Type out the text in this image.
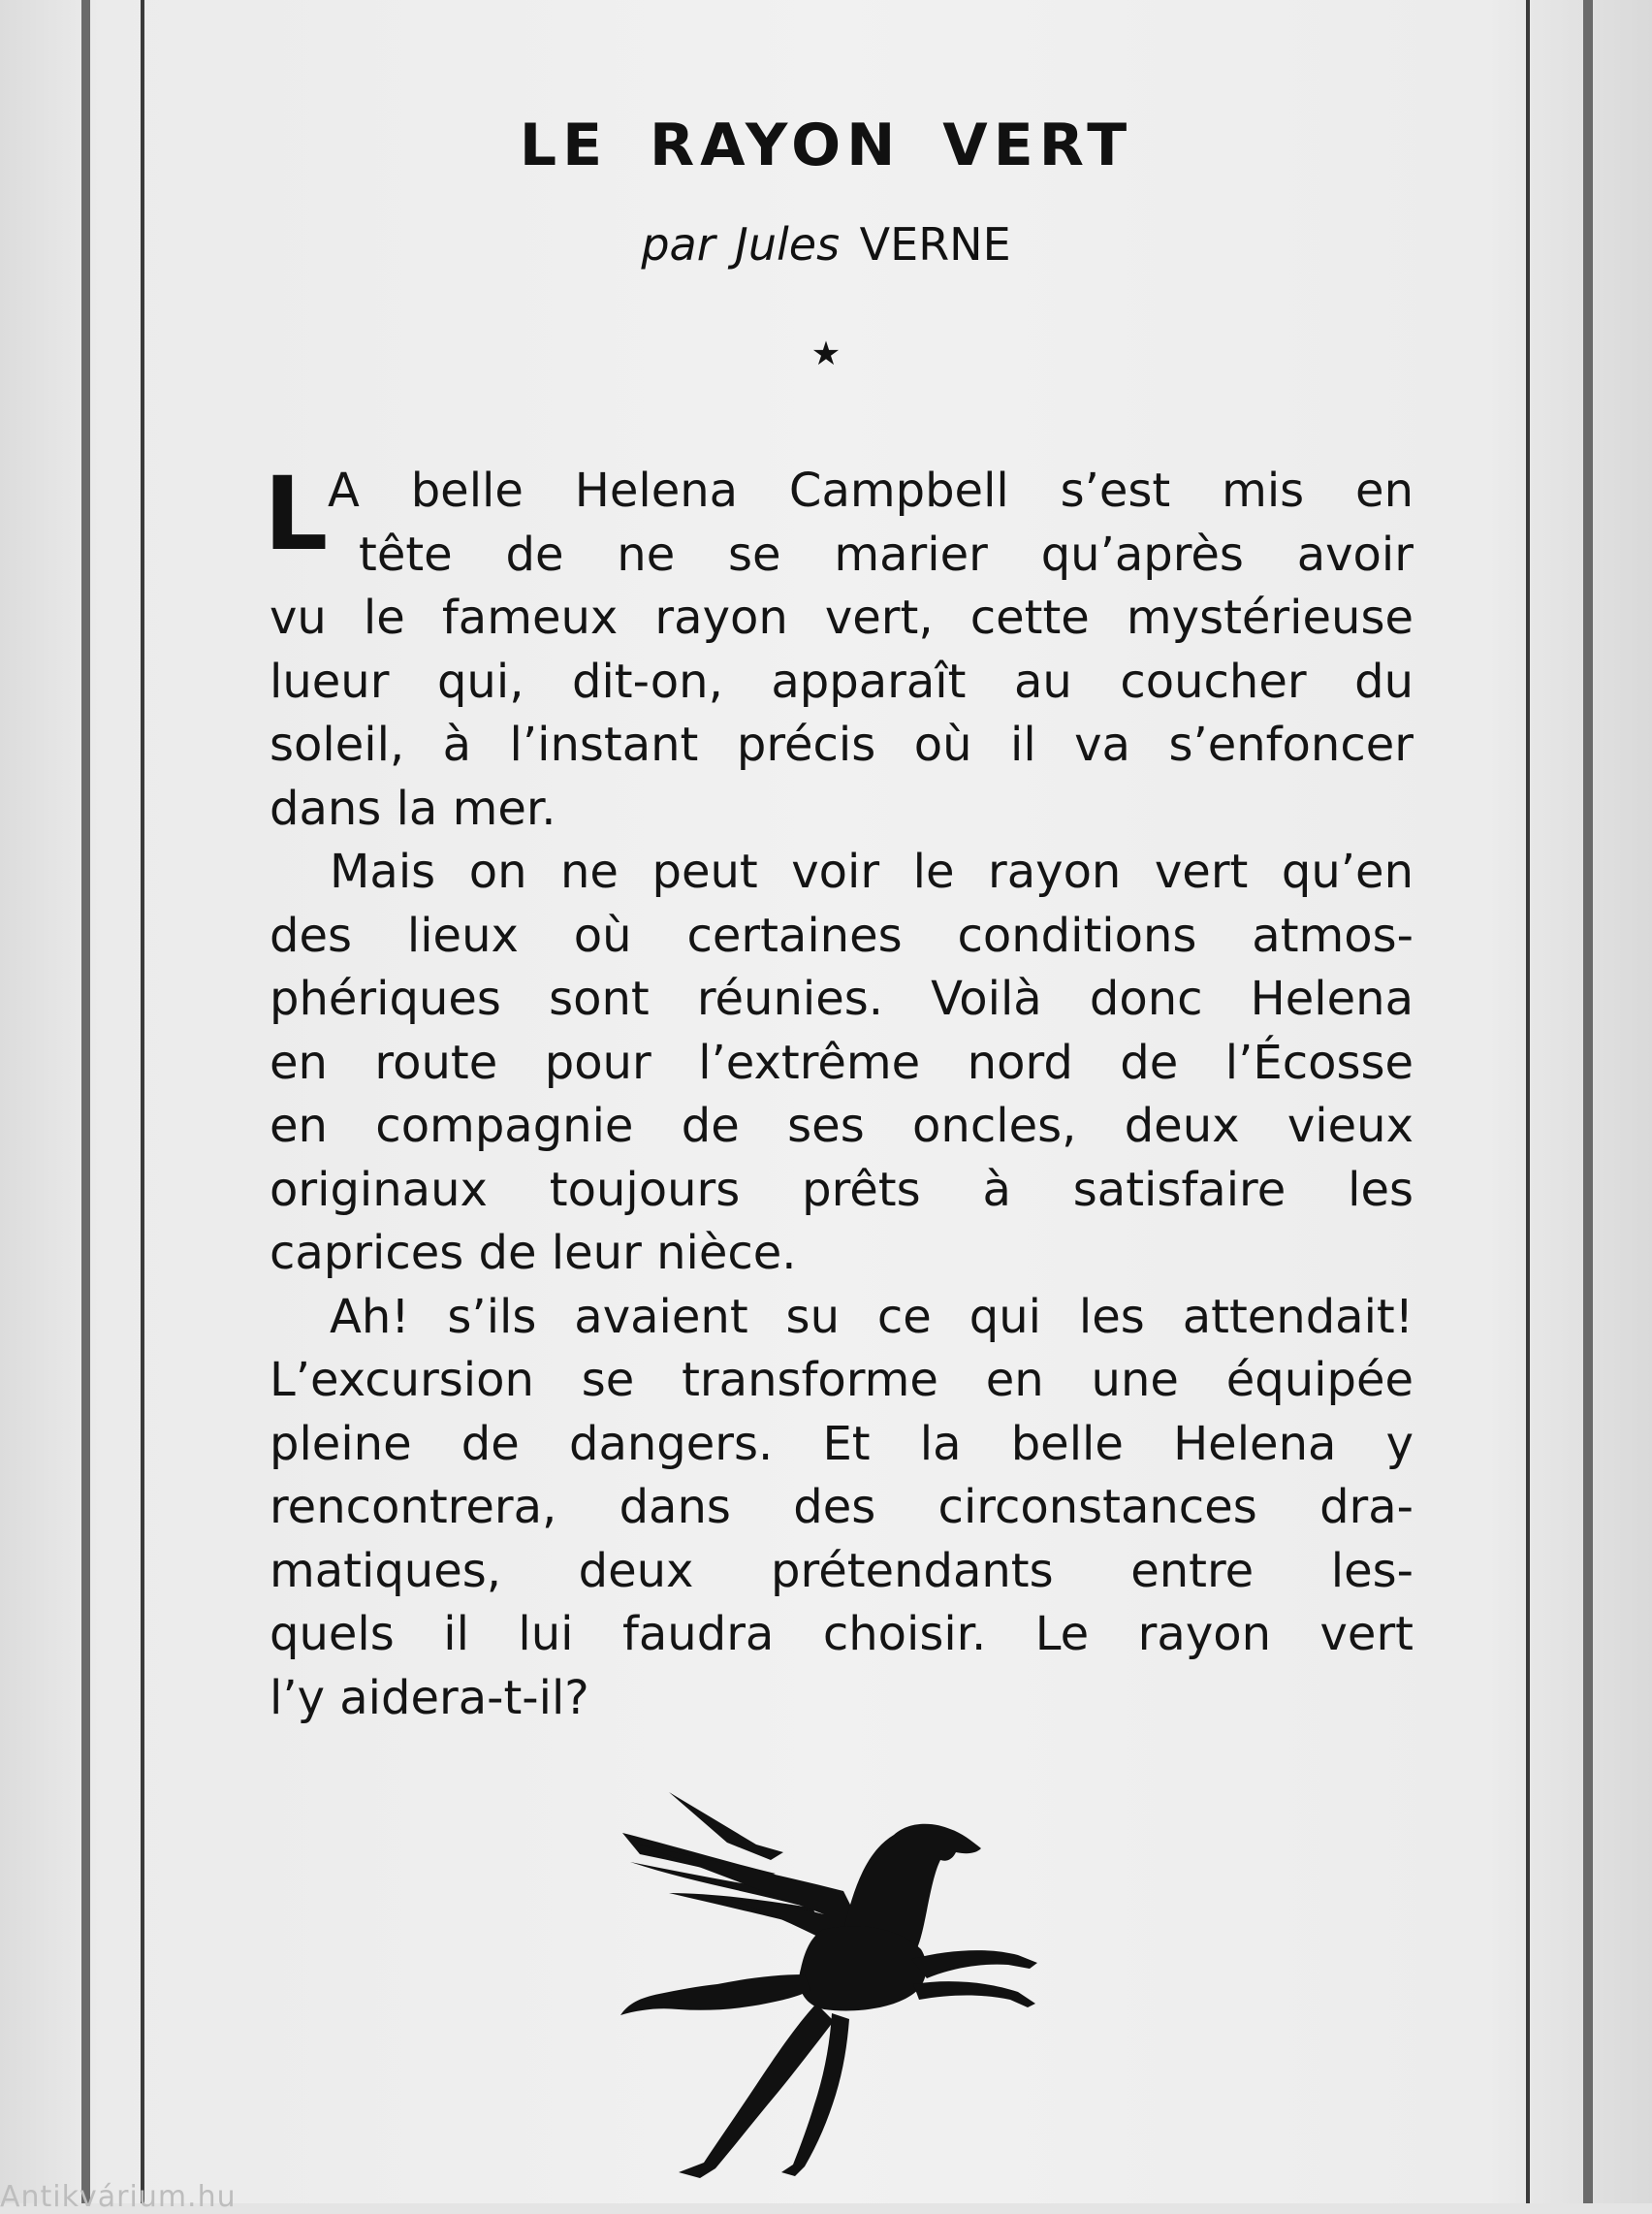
LE RAYON VERT
par Jules VERNE
★
L A belle Helena Campbell s’est mis en
tête de ne se marier qu’après avoir
vu le fameux rayon vert, cette mystérieuse
lueur qui, dit-on, apparaît au coucher du
soleil, à l’instant précis où il va s’enfoncer
dans la mer.
Mais on ne peut voir le rayon vert qu’en
des lieux où certaines conditions atmos-
phériques sont réunies. Voilà donc Helena
en route pour l’extrême nord de l’Écosse
en compagnie de ses oncles, deux vieux
originaux toujours prêts à satisfaire les
caprices de leur nièce.
Ah! s’ils avaient su ce qui les attendait!
L’excursion se transforme en une équipée
pleine de dangers. Et la belle Helena y
rencontrera, dans des circonstances dra-
matiques, deux prétendants entre les-
quels il lui faudra choisir. Le rayon vert
l’y aidera-t-il?
Antikvárium.hu
